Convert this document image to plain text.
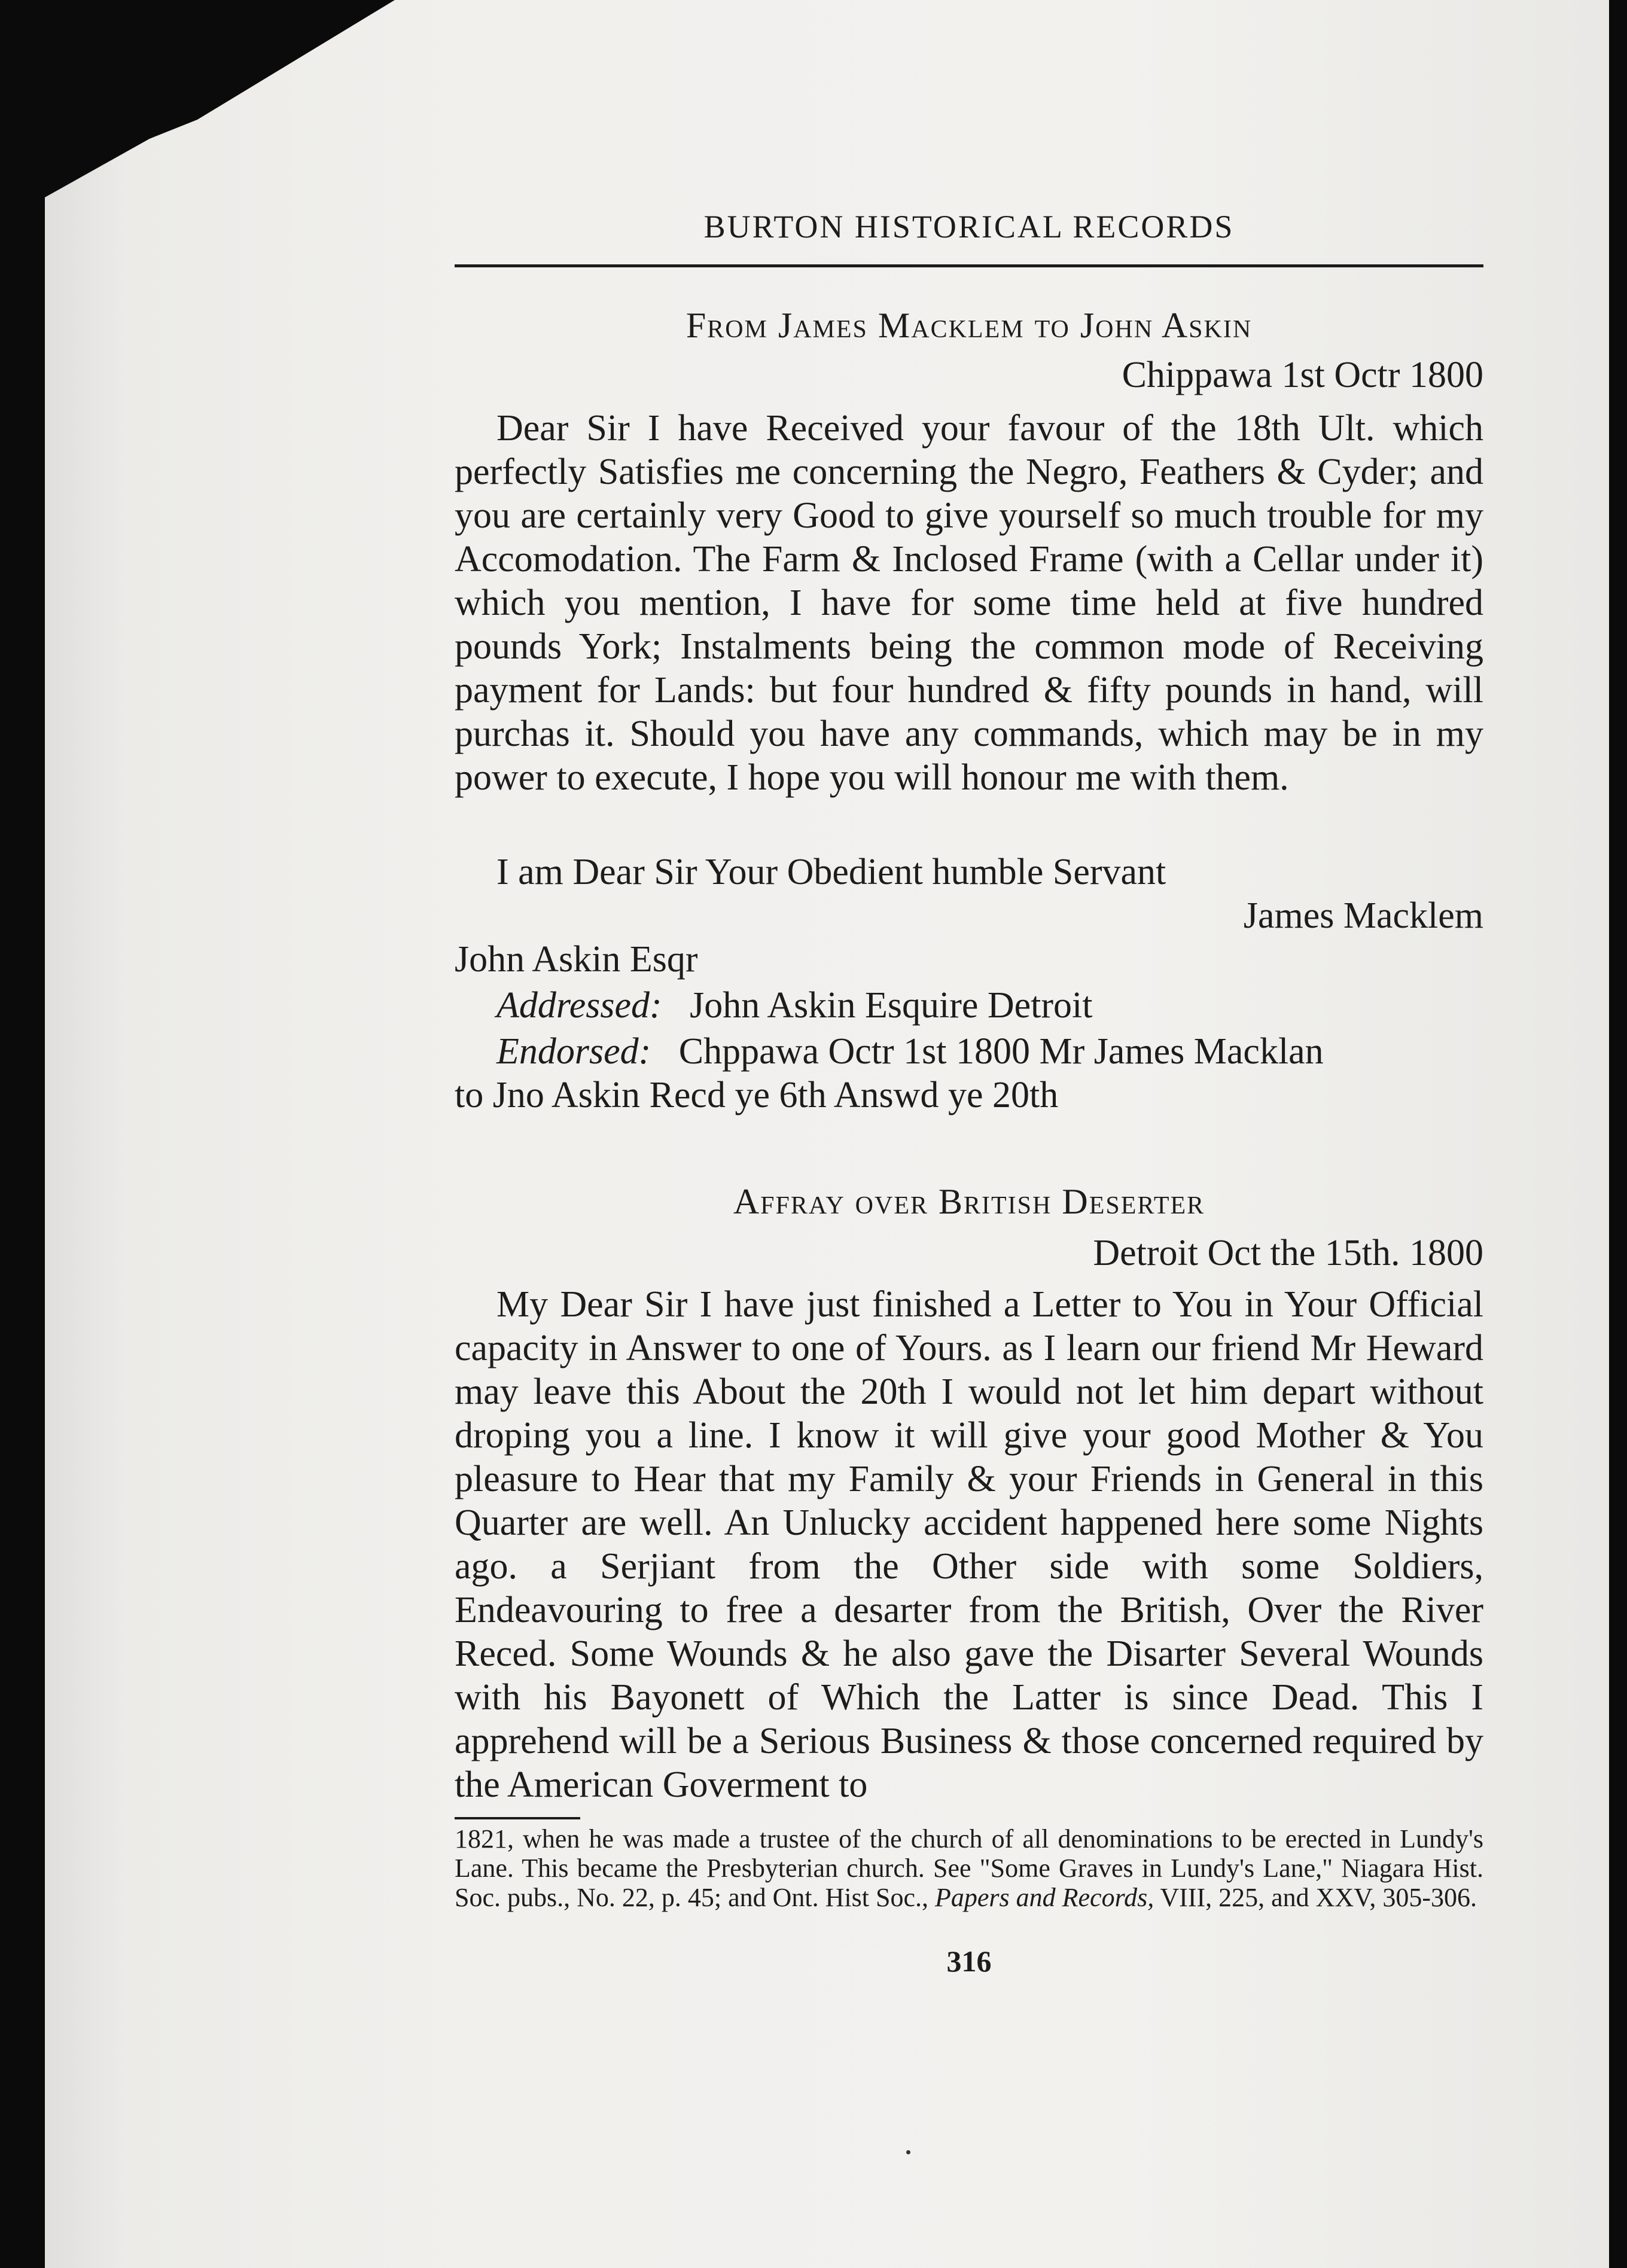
BURTON HISTORICAL RECORDS
From James Macklem to John Askin
Chippawa 1st Octr 1800

Dear Sir I have Received your favour of the 18th Ult. which perfectly Satisfies me concerning the Negro, Feathers & Cyder; and you are certainly very Good to give yourself so much trouble for my Accomodation. The Farm & Inclosed Frame (with a Cellar under it) which you mention, I have for some time held at five hundred pounds York; Instalments being the common mode of Receiving payment for Lands: but four hundred & fifty pounds in hand, will purchas it. Should you have any commands, which may be in my power to execute, I hope you will honour me with them.

I am Dear Sir Your Obedient humble Servant
James Macklem
John Askin Esqr
Addressed: John Askin Esquire Detroit
Endorsed: Chppawa Octr 1st 1800 Mr James Macklan
to Jno Askin Recd ye 6th Answd ye 20th
Affray over British Deserter
Detroit Oct the 15th. 1800

My Dear Sir I have just finished a Letter to You in Your Official capacity in Answer to one of Yours. as I learn our friend Mr Heward may leave this About the 20th I would not let him depart without droping you a line. I know it will give your good Mother & You pleasure to Hear that my Family & your Friends in General in this Quarter are well. An Unlucky accident happened here some Nights ago. a Serjiant from the Other side with some Soldiers, Endeavouring to free a desarter from the British, Over the River Reced. Some Wounds & he also gave the Disarter Several Wounds with his Bayonett of Which the Latter is since Dead. This I apprehend will be a Serious Business & those concerned required by the American Goverment to

1821, when he was made a trustee of the church of all denominations to be erected in Lundy's Lane. This became the Presbyterian church. See "Some Graves in Lundy's Lane," Niagara Hist. Soc. pubs., No. 22, p. 45; and Ont. Hist Soc., Papers and Records, VIII, 225, and XXV, 305-306.

316
